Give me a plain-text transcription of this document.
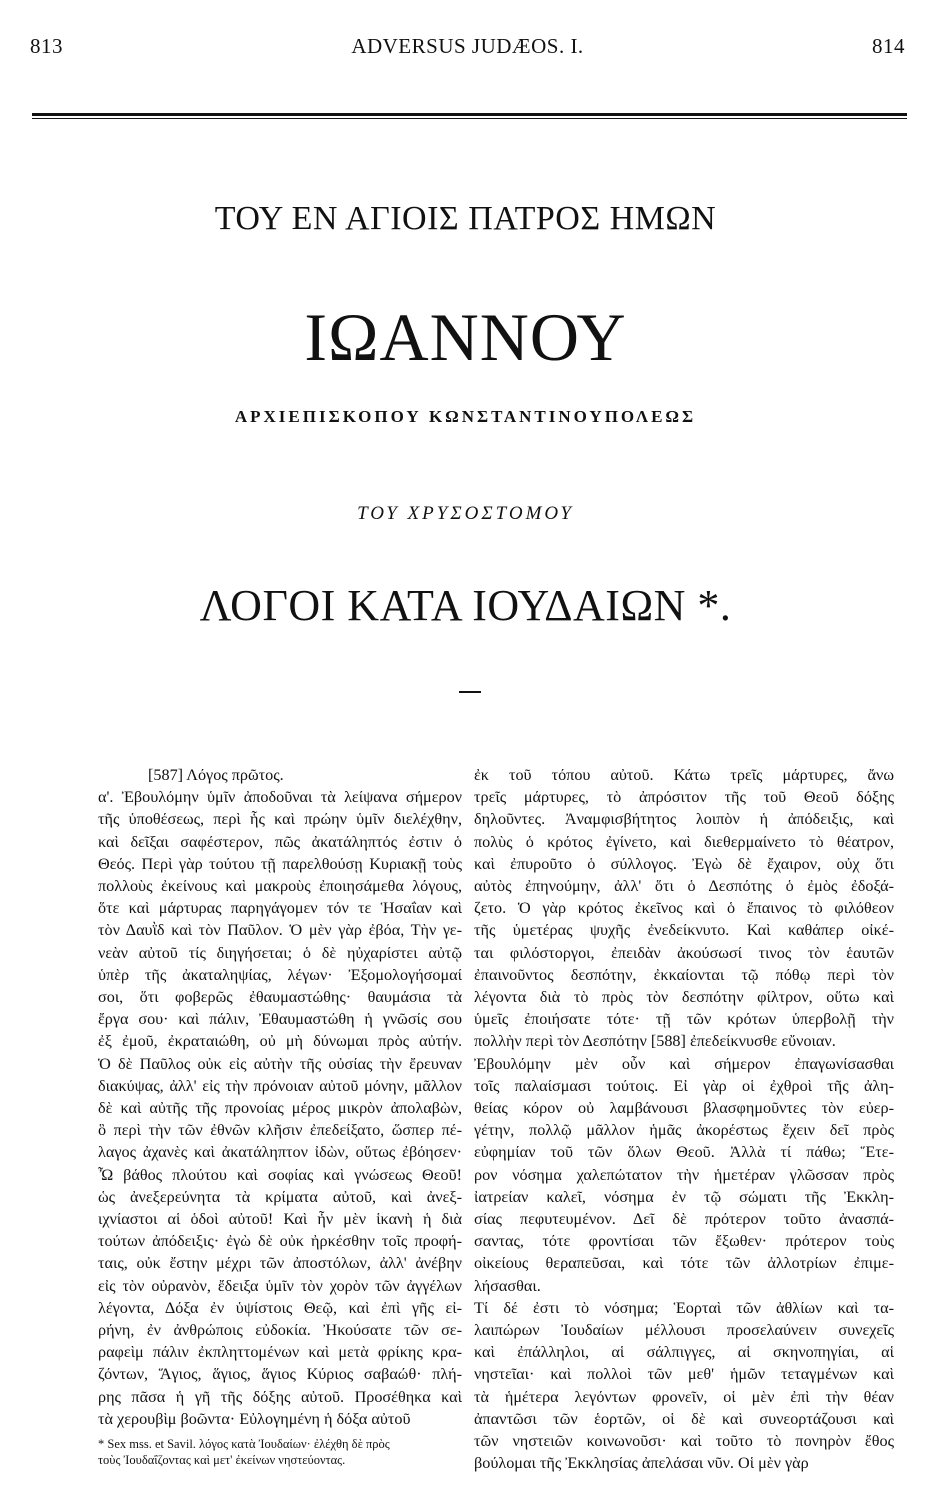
813	ADVERSUS JUDÆOS. I.	814
ΤΟΥ ΕΝ ΑΓΙΟΙΣ ΠΑΤΡΟΣ ΗΜΩΝ
ΙΩΑΝΝΟΥ
ΑΡΧΙΕΠΙΣΚΟΠΟΥ ΚΩΝΣΤΑΝΤΙΝΟΥΠΟΛΕΩΣ
ΤΟΥ ΧΡΥΣΟΣΤΟΜΟΥ
ΛΟΓΟΙ ΚΑΤΑ ΙΟΥΔΑΙΩΝ *.

[587] Λόγος πρῶτος.

α'. Ἐβουλόμην ὑμῖν ἀποδοῦναι τὰ λείψανα σήμερον

τῆς ὑποθέσεως, περὶ ἧς καὶ πρώην ὑμῖν διελέχθην,

καὶ δεῖξαι σαφέστερον, πῶς ἀκατάληπτός ἐστιν ὁ

Θεός. Περὶ γὰρ τούτου τῇ παρελθούσῃ Κυριακῇ τοὺς

πολλοὺς ἐκείνους καὶ μακροὺς ἐποιησάμεθα λόγους,

ὅτε καὶ μάρτυρας παρηγάγομεν τόν τε Ἡσαΐαν καὶ

τὸν Δαυῒδ καὶ τὸν Παῦλον. Ὁ μὲν γὰρ ἐβόα, Τὴν γε-

νεὰν αὐτοῦ τίς διηγήσεται; ὁ δὲ ηὐχαρίστει αὐτῷ

ὑπὲρ τῆς ἀκαταληψίας, λέγων· Ἐξομολογήσομαί

σοι, ὅτι φοβερῶς ἐθαυμαστώθης· θαυμάσια τὰ

ἔργα σου· καὶ πάλιν, Ἐθαυμαστώθη ἡ γνῶσίς σου

ἐξ ἐμοῦ, ἐκραταιώθη, οὐ μὴ δύνωμαι πρὸς αὐτήν.

Ὁ δὲ Παῦλος οὐκ εἰς αὐτὴν τῆς οὐσίας τὴν ἔρευναν

διακύψας, ἀλλ' εἰς τὴν πρόνοιαν αὐτοῦ μόνην, μᾶλλον

δὲ καὶ αὐτῆς τῆς προνοίας μέρος μικρὸν ἀπολαβὼν,

ὃ περὶ τὴν τῶν ἐθνῶν κλῆσιν ἐπεδείξατο, ὥσπερ πέ-

λαγος ἀχανὲς καὶ ἀκατάληπτον ἰδὼν, οὕτως ἐβόησεν·

Ὦ βάθος πλούτου καὶ σοφίας καὶ γνώσεως Θεοῦ!

ὡς ἀνεξερεύνητα τὰ κρίματα αὐτοῦ, καὶ ἀνεξ-

ιχνίαστοι αἱ ὁδοὶ αὐτοῦ! Καὶ ἦν μὲν ἱκανὴ ἡ διὰ

τούτων ἀπόδειξις· ἐγὼ δὲ οὐκ ἠρκέσθην τοῖς προφή-

ταις, οὐκ ἔστην μέχρι τῶν ἀποστόλων, ἀλλ' ἀνέβην

εἰς τὸν οὐρανὸν, ἔδειξα ὑμῖν τὸν χορὸν τῶν ἀγγέλων

λέγοντα, Δόξα ἐν ὑψίστοις Θεῷ, καὶ ἐπὶ γῆς εἰ-

ρήνη, ἐν ἀνθρώποις εὐδοκία. Ἠκούσατε τῶν σε-

ραφεὶμ πάλιν ἐκπληττομένων καὶ μετὰ φρίκης κρα-

ζόντων, Ἅγιος, ἅγιος, ἅγιος Κύριος σαβαώθ· πλή-

ρης πᾶσα ἡ γῆ τῆς δόξης αὐτοῦ. Προσέθηκα καὶ

τὰ χερουβὶμ βοῶντα· Εὐλογημένη ἡ δόξα αὐτοῦ

ἐκ τοῦ τόπου αὐτοῦ. Κάτω τρεῖς μάρτυρες, ἄνω

τρεῖς μάρτυρες, τὸ ἀπρόσιτον τῆς τοῦ Θεοῦ δόξης

δηλοῦντες. Ἀναμφισβήτητος λοιπὸν ἡ ἀπόδειξις, καὶ

πολὺς ὁ κρότος ἐγίνετο, καὶ διεθερμαίνετο τὸ θέατρον,

καὶ ἐπυροῦτο ὁ σύλλογος. Ἐγὼ δὲ ἔχαιρον, οὐχ ὅτι

αὐτὸς ἐπηνούμην, ἀλλ' ὅτι ὁ Δεσπότης ὁ ἐμὸς ἐδοξά-

ζετο. Ὁ γὰρ κρότος ἐκεῖνος καὶ ὁ ἔπαινος τὸ φιλόθεον

τῆς ὑμετέρας ψυχῆς ἐνεδείκνυτο. Καὶ καθάπερ οἰκέ-

ται φιλόστοργοι, ἐπειδὰν ἀκούσωσί τινος τὸν ἑαυτῶν

ἐπαινοῦντος δεσπότην, ἐκκαίονται τῷ πόθῳ περὶ τὸν

λέγοντα διὰ τὸ πρὸς τὸν δεσπότην φίλτρον, οὕτω καὶ

ὑμεῖς ἐποιήσατε τότε· τῇ τῶν κρότων ὑπερβολῇ τὴν

πολλὴν περὶ τὸν Δεσπότην [588] ἐπεδείκνυσθε εὔνοιαν.

Ἐβουλόμην μὲν οὖν καὶ σήμερον ἐπαγωνίσασθαι

τοῖς παλαίσμασι τούτοις. Εἰ γὰρ οἱ ἐχθροὶ τῆς ἀλη-

θείας κόρον οὐ λαμβάνουσι βλασφημοῦντες τὸν εὐερ-

γέτην, πολλῷ μᾶλλον ἡμᾶς ἀκορέστως ἔχειν δεῖ πρὸς

εὐφημίαν τοῦ τῶν ὅλων Θεοῦ. Ἀλλὰ τί πάθω; Ἕτε-

ρον νόσημα χαλεπώτατον τὴν ἡμετέραν γλῶσσαν πρὸς

ἰατρείαν καλεῖ, νόσημα ἐν τῷ σώματι τῆς Ἐκκλη-

σίας πεφυτευμένον. Δεῖ δὲ πρότερον τοῦτο ἀνασπά-

σαντας, τότε φροντίσαι τῶν ἔξωθεν· πρότερον τοὺς

οἰκείους θεραπεῦσαι, καὶ τότε τῶν ἀλλοτρίων ἐπιμε-

λήσασθαι.

Τί δέ ἐστι τὸ νόσημα; Ἑορταὶ τῶν ἀθλίων καὶ τα-

λαιπώρων Ἰουδαίων μέλλουσι προσελαύνειν συνεχεῖς

καὶ ἐπάλληλοι, αἱ σάλπιγγες, αἱ σκηνοπηγίαι, αἱ

νηστεῖαι· καὶ πολλοὶ τῶν μεθ' ἡμῶν τεταγμένων καὶ

τὰ ἡμέτερα λεγόντων φρονεῖν, οἱ μὲν ἐπὶ τὴν θέαν

ἀπαντῶσι τῶν ἑορτῶν, οἱ δὲ καὶ συνεορτάζουσι καὶ

τῶν νηστειῶν κοινωνοῦσι· καὶ τοῦτο τὸ πονηρὸν ἔθος

βούλομαι τῆς Ἐκκλησίας ἀπελάσαι νῦν. Οἱ μὲν γὰρ

* Sex mss. et Savil. λόγος κατὰ Ἰουδαίων· ἐλέχθη δὲ πρὸς

τοὺς Ἰουδαΐζοντας καὶ μετ' ἐκείνων νηστεύοντας.
